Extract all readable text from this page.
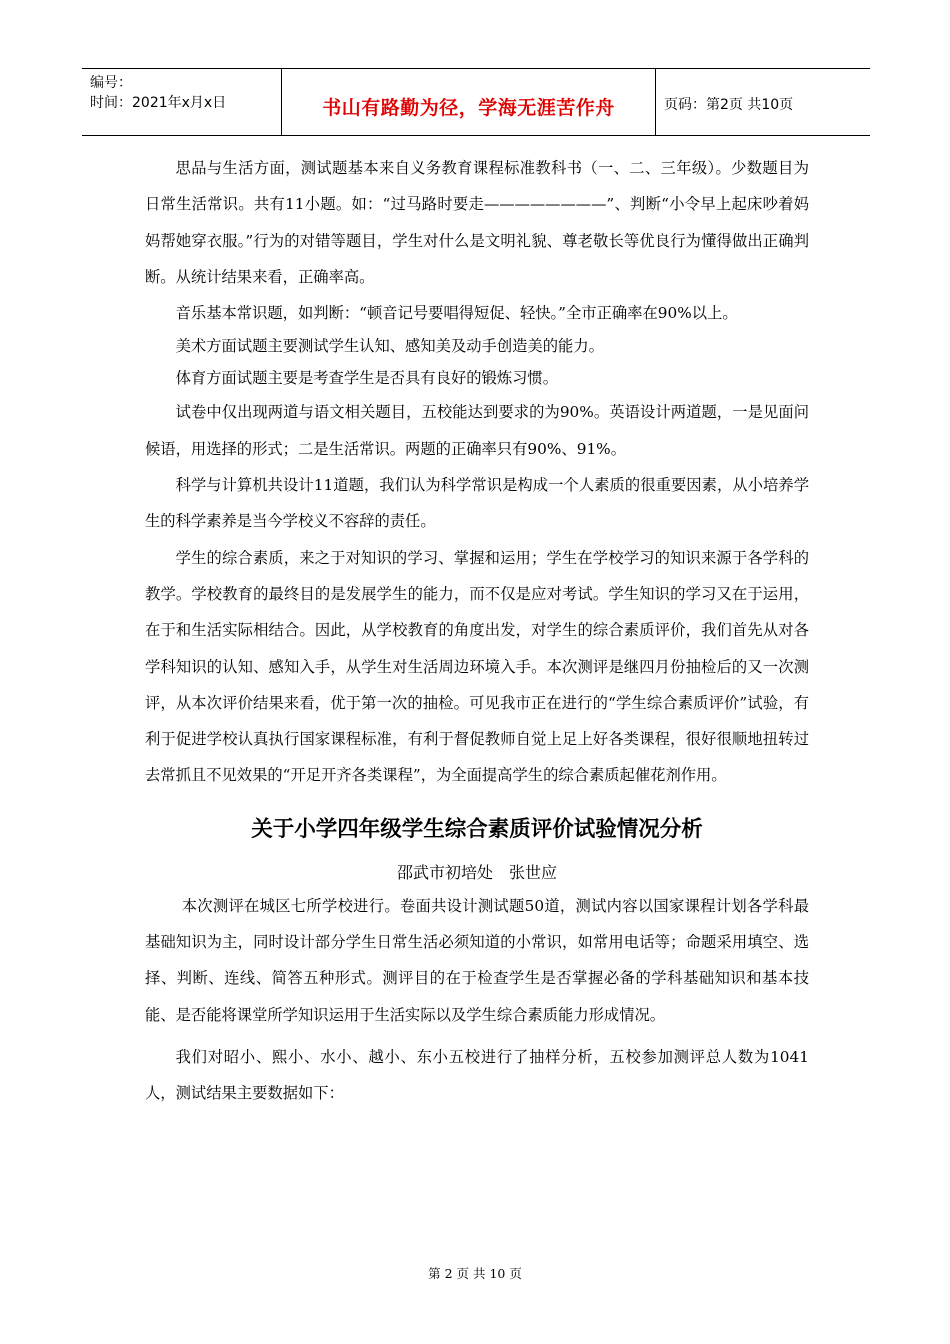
编号：
时间：2021年x月x日	书山有路勤为径，学海无涯苦作舟	页码：第2页 共10页

思品与生活方面，测试题基本来自义务教育课程标准教科书（一、二、三年级）。少数题目为日常生活常识。共有11小题。如：“过马路时要走————————”、判断“小令早上起床吵着妈妈帮她穿衣服。”行为的对错等题目，学生对什么是文明礼貌、尊老敬长等优良行为懂得做出正确判断。从统计结果来看，正确率高。

音乐基本常识题，如判断：“顿音记号要唱得短促、轻快。”全市正确率在90%以上。

美术方面试题主要测试学生认知、感知美及动手创造美的能力。

体育方面试题主要是考查学生是否具有良好的锻炼习惯。

试卷中仅出现两道与语文相关题目，五校能达到要求的为90%。英语设计两道题，一是见面问候语，用选择的形式；二是生活常识。两题的正确率只有90%、91%。

科学与计算机共设计11道题，我们认为科学常识是构成一个人素质的很重要因素，从小培养学生的科学素养是当今学校义不容辞的责任。

学生的综合素质，来之于对知识的学习、掌握和运用；学生在学校学习的知识来源于各学科的教学。学校教育的最终目的是发展学生的能力，而不仅是应对考试。学生知识的学习又在于运用，在于和生活实际相结合。因此，从学校教育的角度出发，对学生的综合素质评价，我们首先从对各学科知识的认知、感知入手，从学生对生活周边环境入手。本次测评是继四月份抽检后的又一次测评，从本次评价结果来看，优于第一次的抽检。可见我市正在进行的“学生综合素质评价”试验，有利于促进学校认真执行国家课程标准，有利于督促教师自觉上足上好各类课程，很好很顺地扭转过去常抓且不见效果的“开足开齐各类课程”，为全面提高学生的综合素质起催花剂作用。

关于小学四年级学生综合素质评价试验情况分析
邵武市初培处　张世应

本次测评在城区七所学校进行。卷面共设计测试题50道，测试内容以国家课程计划各学科最基础知识为主，同时设计部分学生日常生活必须知道的小常识，如常用电话等；命题采用填空、选择、判断、连线、简答五种形式。测评目的在于检查学生是否掌握必备的学科基础知识和基本技能、是否能将课堂所学知识运用于生活实际以及学生综合素质能力形成情况。

我们对昭小、熙小、水小、越小、东小五校进行了抽样分析，五校参加测评总人数为1041人，测试结果主要数据如下：

第 2 页 共 10 页
